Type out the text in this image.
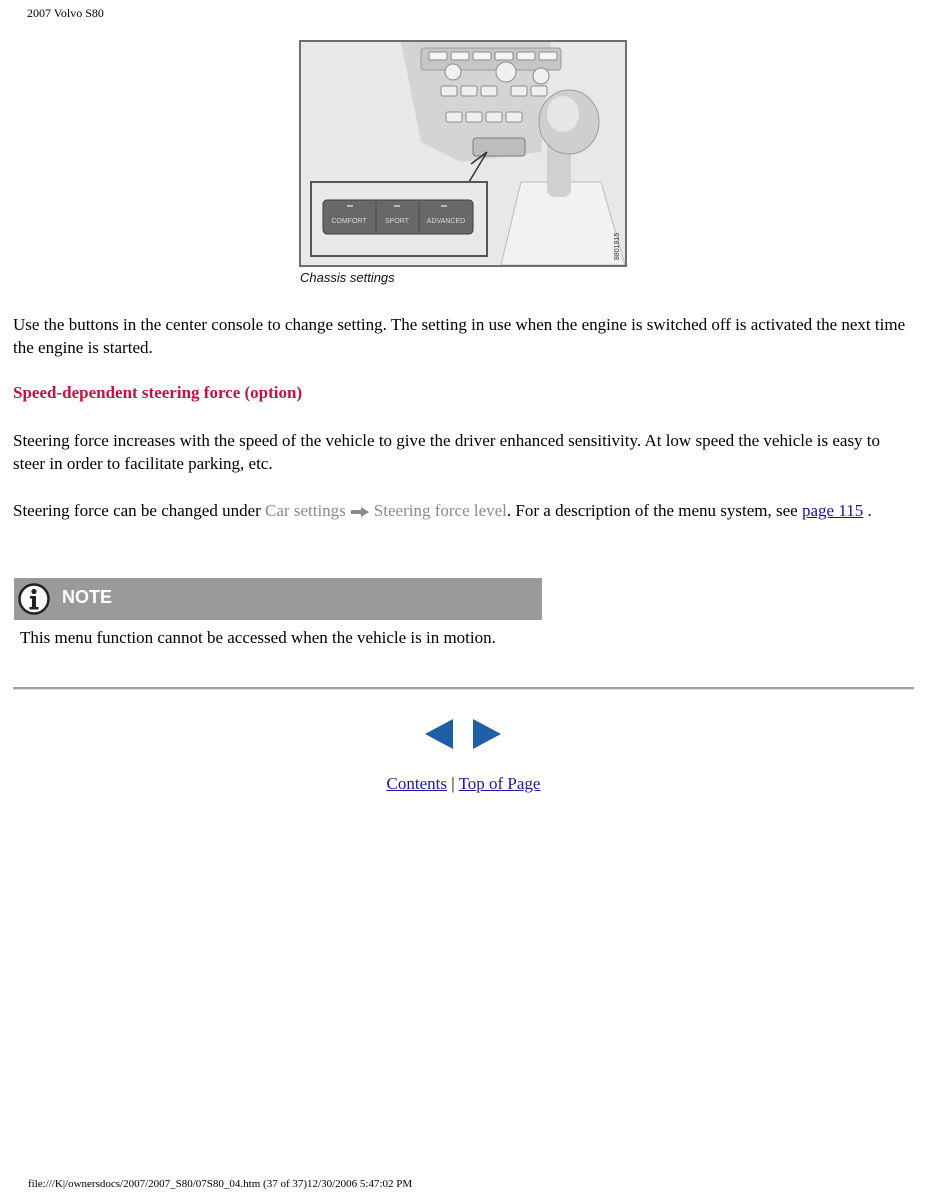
2007 Volvo S80
COMFORT	SPORT	ADVANCED
8801815
Chassis settings

Use the buttons in the center console to change setting. The setting in use when the engine is switched off is activated the next time the engine is started.

Speed-dependent steering force (option)

Steering force increases with the speed of the vehicle to give the driver enhanced sensitivity. At low speed the vehicle is easy to steer in order to facilitate parking, etc.

Steering force can be changed under Car settings Steering force level. For a description of the menu system, see page 115 .

NOTE

This menu function cannot be accessed when the vehicle is in motion.

Contents | Top of Page
file:///K|/ownersdocs/2007/2007_S80/07S80_04.htm (37 of 37)12/30/2006 5:47:02 PM
